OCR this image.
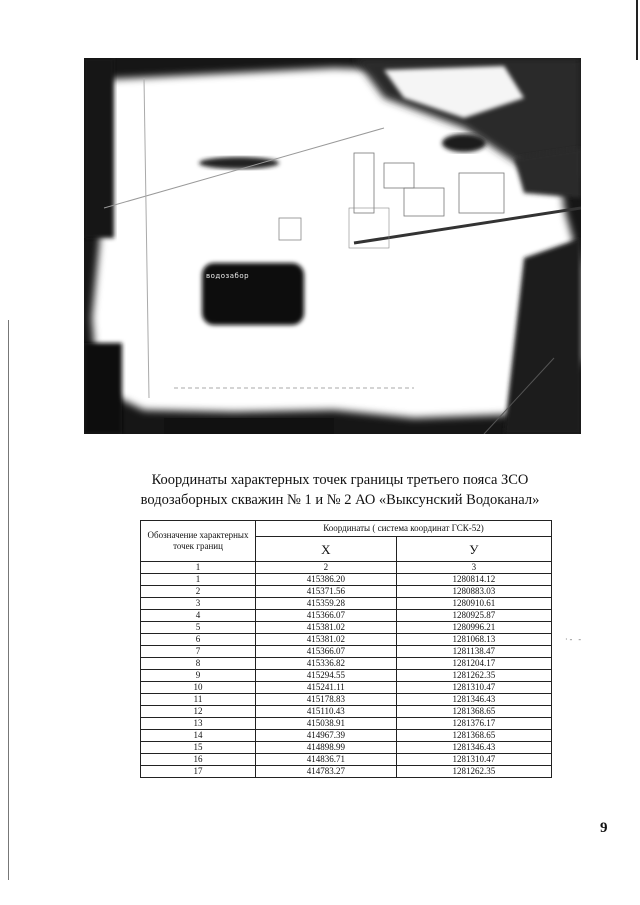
водозабор
Координаты характерных точек границы третьего пояса ЗСО
водозаборных скважин № 1 и № 2 АО «Выксунский Водоканал»
Обозначение характерных точек границ	Координаты ( система координат ГСК-52)	
	X	У
1	2	3
1	415386.20	1280814.12
2	415371.56	1280883.03
3	415359.28	1280910.61
4	415366.07	1280925.87
5	415381.02	1280996.21
6	415381.02	1281068.13
7	415366.07	1281138.47
8	415336.82	1281204.17
9	415294.55	1281262.35
10	415241.11	1281310.47
11	415178.83	1281346.43
12	415110.43	1281368.65
13	415038.91	1281376.17
14	414967.39	1281368.65
15	414898.99	1281346.43
16	414836.71	1281310.47
17	414783.27	1281262.35
·- -
9
